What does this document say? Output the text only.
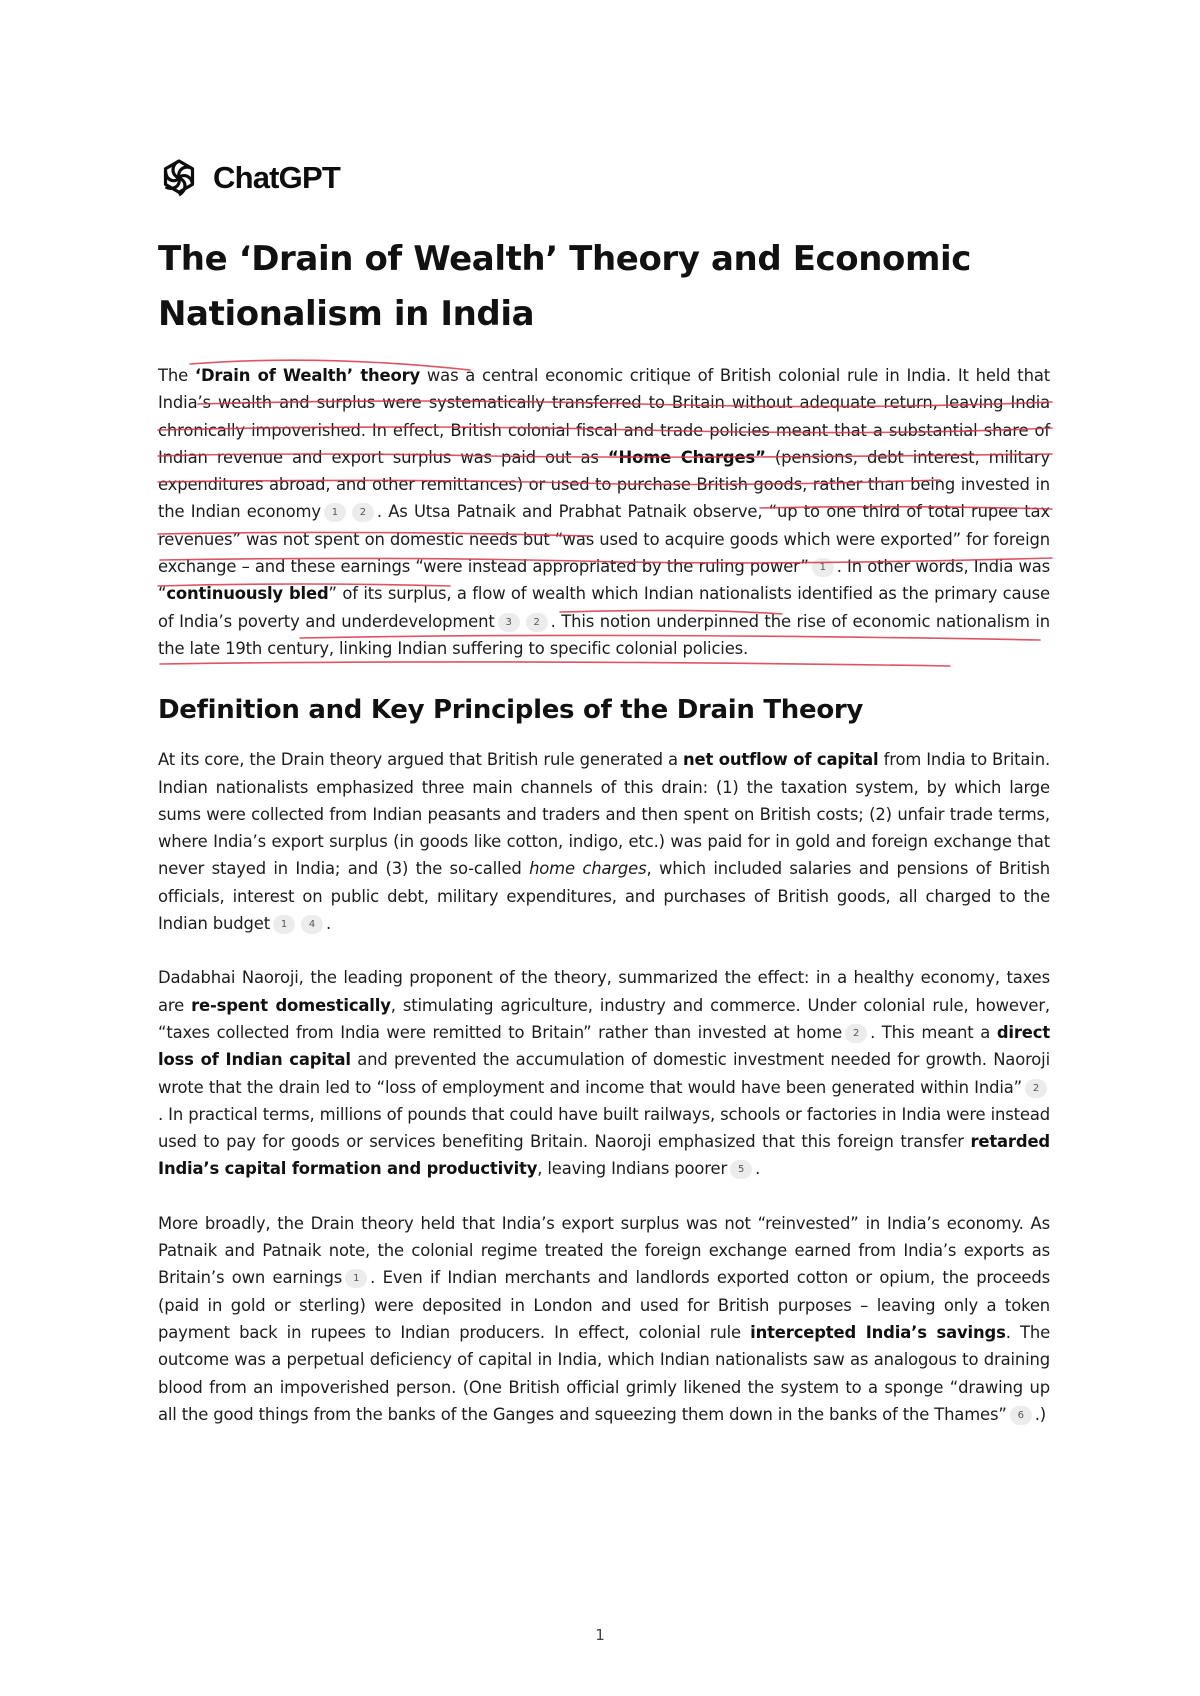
ChatGPT
The ‘Drain of Wealth’ Theory and Economic Nationalism in India

The ‘Drain of Wealth’ theory was a central economic critique of British colonial rule in India. It held that India’s wealth and surplus were systematically transferred to Britain without adequate return, leaving India chronically impoverished. In effect, British colonial fiscal and trade policies meant that a substantial share of Indian revenue and export surplus was paid out as “Home Charges” (pensions, debt interest, military expenditures abroad, and other remittances) or used to purchase British goods, rather than being invested in the Indian economy 1 2 . As Utsa Patnaik and Prabhat Patnaik observe, “up to one third of total rupee tax revenues” was not spent on domestic needs but “was used to acquire goods which were exported” for foreign exchange – and these earnings “were instead appropriated by the ruling power” 1 . In other words, India was “continuously bled” of its surplus, a flow of wealth which Indian nationalists identified as the primary cause of India’s poverty and underdevelopment 3 2 . This notion underpinned the rise of economic nationalism in the late 19th century, linking Indian suffering to specific colonial policies.

Definition and Key Principles of the Drain Theory

At its core, the Drain theory argued that British rule generated a net outflow of capital from India to Britain. Indian nationalists emphasized three main channels of this drain: (1) the taxation system, by which large sums were collected from Indian peasants and traders and then spent on British costs; (2) unfair trade terms, where India’s export surplus (in goods like cotton, indigo, etc.) was paid for in gold and foreign exchange that never stayed in India; and (3) the so-called home charges, which included salaries and pensions of British officials, interest on public debt, military expenditures, and purchases of British goods, all charged to the Indian budget 1 4 .

Dadabhai Naoroji, the leading proponent of the theory, summarized the effect: in a healthy economy, taxes are re-spent domestically, stimulating agriculture, industry and commerce. Under colonial rule, however, “taxes collected from India were remitted to Britain” rather than invested at home 2 . This meant a direct loss of Indian capital and prevented the accumulation of domestic investment needed for growth. Naoroji wrote that the drain led to “loss of employment and income that would have been generated within India” 2. In practical terms, millions of pounds that could have built railways, schools or factories in India were instead used to pay for goods or services benefiting Britain. Naoroji emphasized that this foreign transfer retarded India’s capital formation and productivity, leaving Indians poorer 5 .

More broadly, the Drain theory held that India’s export surplus was not “reinvested” in India’s economy. As Patnaik and Patnaik note, the colonial regime treated the foreign exchange earned from India’s exports as Britain’s own earnings 1 . Even if Indian merchants and landlords exported cotton or opium, the proceeds (paid in gold or sterling) were deposited in London and used for British purposes – leaving only a token payment back in rupees to Indian producers. In effect, colonial rule intercepted India’s savings. The outcome was a perpetual deficiency of capital in India, which Indian nationalists saw as analogous to draining blood from an impoverished person. (One British official grimly likened the system to a sponge “drawing up all the good things from the banks of the Ganges and squeezing them down in the banks of the Thames” 6 .)

1
